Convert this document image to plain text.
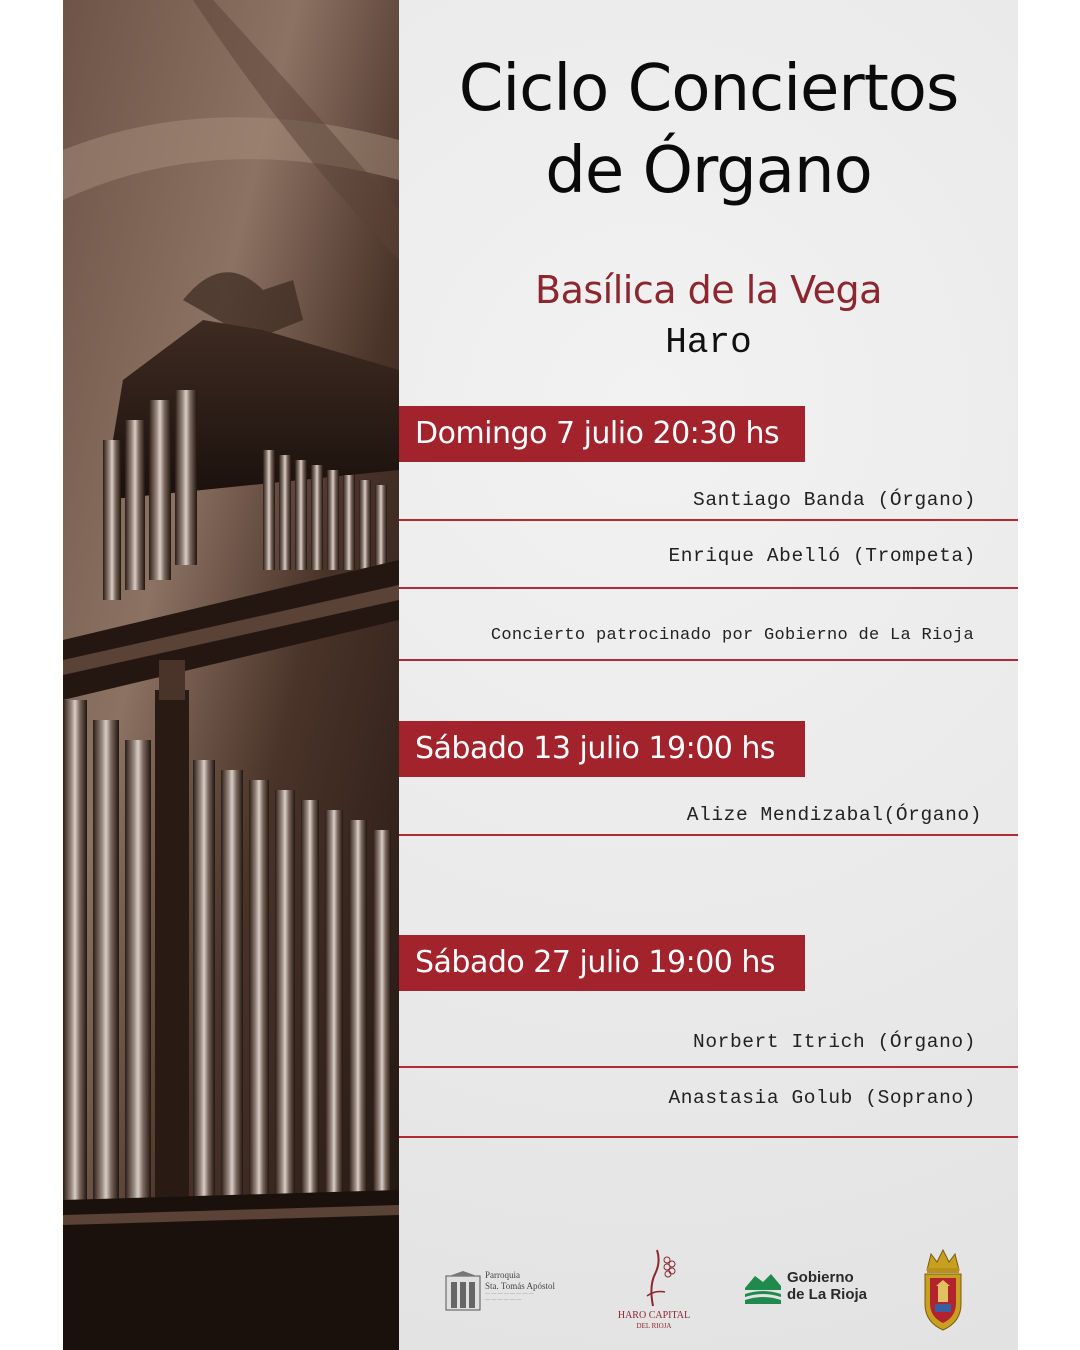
Ciclo Conciertos
de Órgano
Basílica de la Vega
Haro
Domingo 7 julio 20:30 hs
Santiago Banda (Órgano)
Enrique Abelló (Trompeta)
Concierto patrocinado por Gobierno de La Rioja
Sábado 13 julio 19:00 hs
Alize Mendizabal(Órgano)
Sábado 27 julio 19:00 hs
Norbert Itrich (Órgano)
Anastasia Golub (Soprano)
Parroquia
Sta. Tomás Apóstol
— — — — — — — —
— — — — — —
HARO CAPITAL
DEL RIOJA
Gobierno
de La Rioja
